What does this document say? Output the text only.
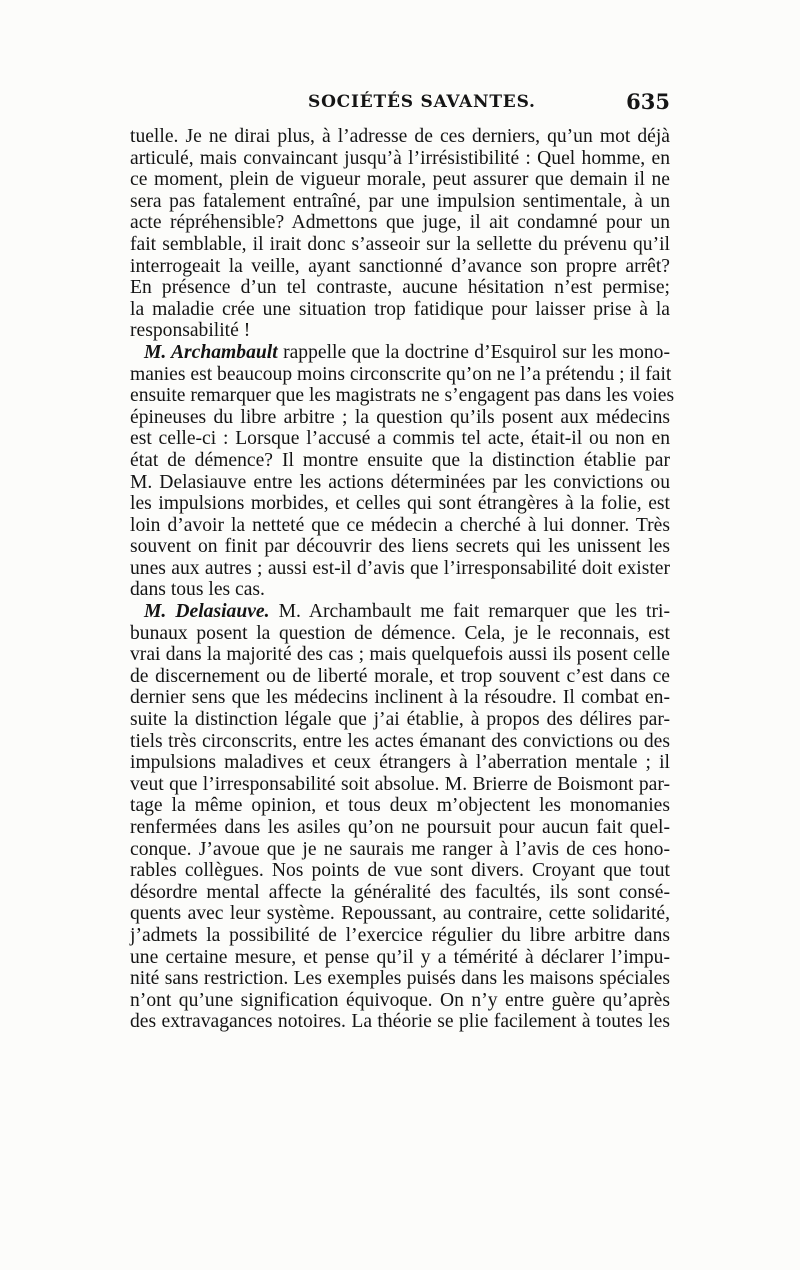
SOCIÉTÉS SAVANTES.	635
tuelle. Je ne dirai plus, à l’adresse de ces derniers, qu’un mot déjà
articulé, mais convaincant jusqu’à l’irrésistibilité : Quel homme, en
ce moment, plein de vigueur morale, peut assurer que demain il ne
sera pas fatalement entraîné, par une impulsion sentimentale, à un
acte répréhensible? Admettons que juge, il ait condamné pour un
fait semblable, il irait donc s’asseoir sur la sellette du prévenu qu’il
interrogeait la veille, ayant sanctionné d’avance son propre arrêt?
En présence d’un tel contraste, aucune hésitation n’est permise;
la maladie crée une situation trop fatidique pour laisser prise à la
responsabilité !
M. Archambault rappelle que la doctrine d’Esquirol sur les mono-
manies est beaucoup moins circonscrite qu’on ne l’a prétendu ; il fait
ensuite remarquer que les magistrats ne s’engagent pas dans les voies
épineuses du libre arbitre ; la question qu’ils posent aux médecins
est celle-ci : Lorsque l’accusé a commis tel acte, était-il ou non en
état de démence? Il montre ensuite que la distinction établie par
M. Delasiauve entre les actions déterminées par les convictions ou
les impulsions morbides, et celles qui sont étrangères à la folie, est
loin d’avoir la netteté que ce médecin a cherché à lui donner. Très
souvent on finit par découvrir des liens secrets qui les unissent les
unes aux autres ; aussi est-il d’avis que l’irresponsabilité doit exister
dans tous les cas.
M. Delasiauve. M. Archambault me fait remarquer que les tri-
bunaux posent la question de démence. Cela, je le reconnais, est
vrai dans la majorité des cas ; mais quelquefois aussi ils posent celle
de discernement ou de liberté morale, et trop souvent c’est dans ce
dernier sens que les médecins inclinent à la résoudre. Il combat en-
suite la distinction légale que j’ai établie, à propos des délires par-
tiels très circonscrits, entre les actes émanant des convictions ou des
impulsions maladives et ceux étrangers à l’aberration mentale ; il
veut que l’irresponsabilité soit absolue. M. Brierre de Boismont par-
tage la même opinion, et tous deux m’objectent les monomanies
renfermées dans les asiles qu’on ne poursuit pour aucun fait quel-
conque. J’avoue que je ne saurais me ranger à l’avis de ces hono-
rables collègues. Nos points de vue sont divers. Croyant que tout
désordre mental affecte la généralité des facultés, ils sont consé-
quents avec leur système. Repoussant, au contraire, cette solidarité,
j’admets la possibilité de l’exercice régulier du libre arbitre dans
une certaine mesure, et pense qu’il y a témérité à déclarer l’impu-
nité sans restriction. Les exemples puisés dans les maisons spéciales
n’ont qu’une signification équivoque. On n’y entre guère qu’après
des extravagances notoires. La théorie se plie facilement à toutes les
